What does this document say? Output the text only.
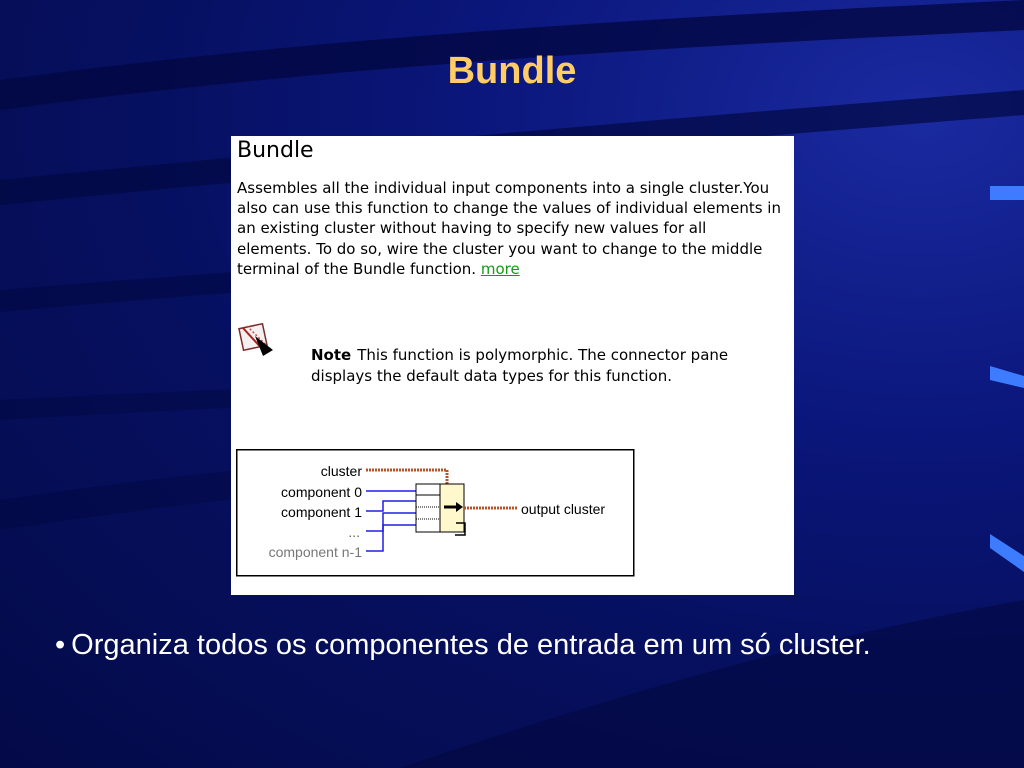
Bundle
Bundle
Assembles all the individual input components into a single cluster.You also can use this function to change the values of individual elements in an existing cluster without having to specify new values for all elements. To do so, wire the cluster you want to change to the middle terminal of the Bundle function. more
Note This function is polymorphic. The connector pane displays the default data types for this function.
cluster
component 0
component 1
...
component n-1
output cluster
• Organiza todos os componentes de entrada em um só cluster.
